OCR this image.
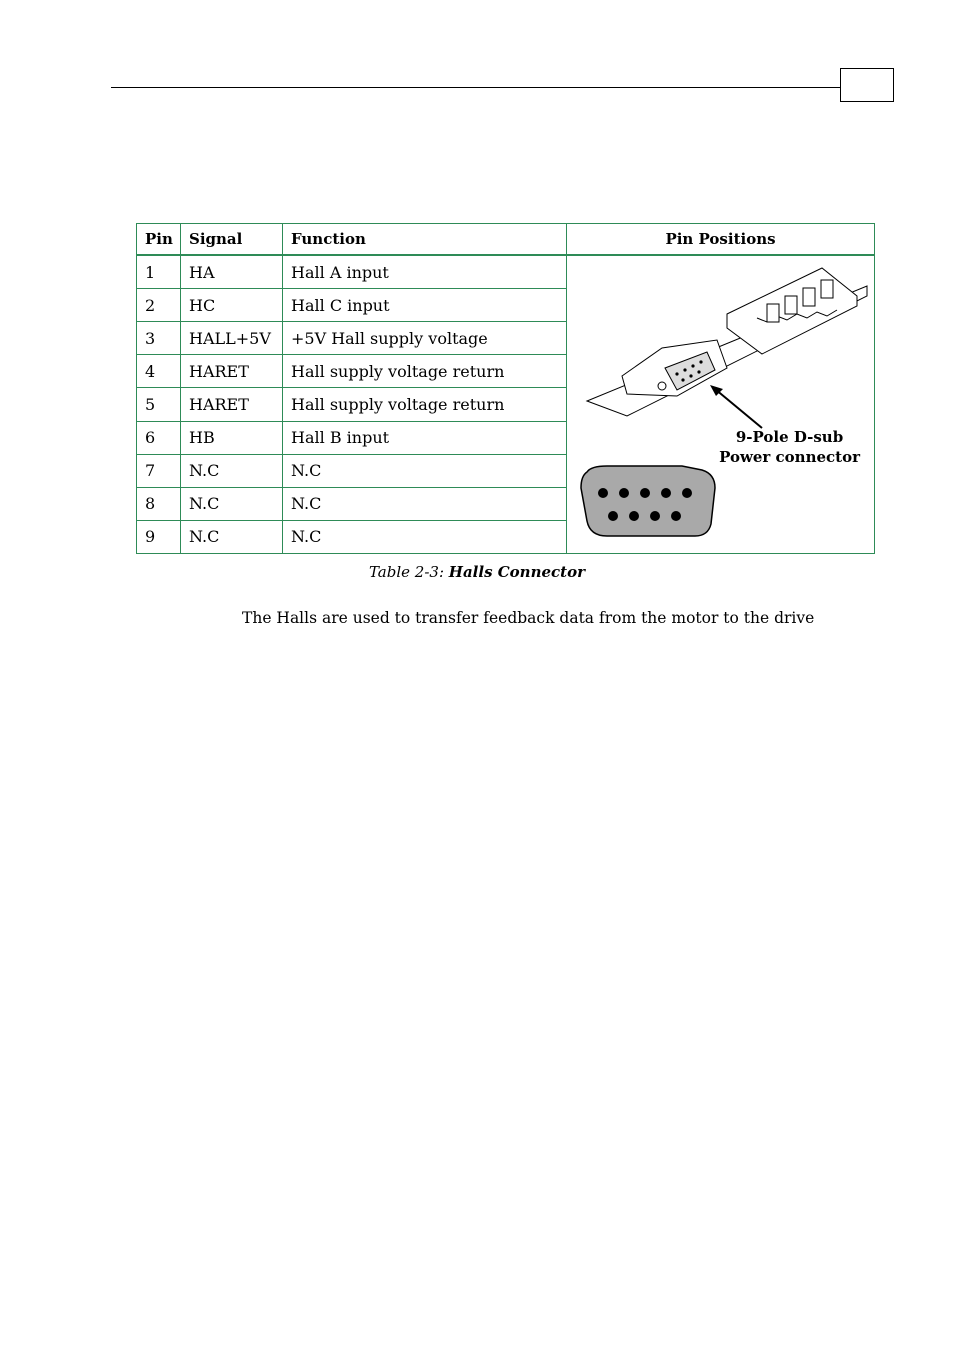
Pin	Signal	Function	Pin Positions
1	HA	Hall A input	9-Pole D-sub
Power connector

2	HC	Hall C input	
3	HALL+5V	+5V Hall supply voltage	
4	HARET	Hall supply voltage return	
5	HARET	Hall supply voltage return	
6	HB	Hall B input	
7	N.C	N.C	
8	N.C	N.C	
9	N.C	N.C	
Table 2-3: Halls Connector
The Halls are used to transfer feedback data from the motor to the drive
